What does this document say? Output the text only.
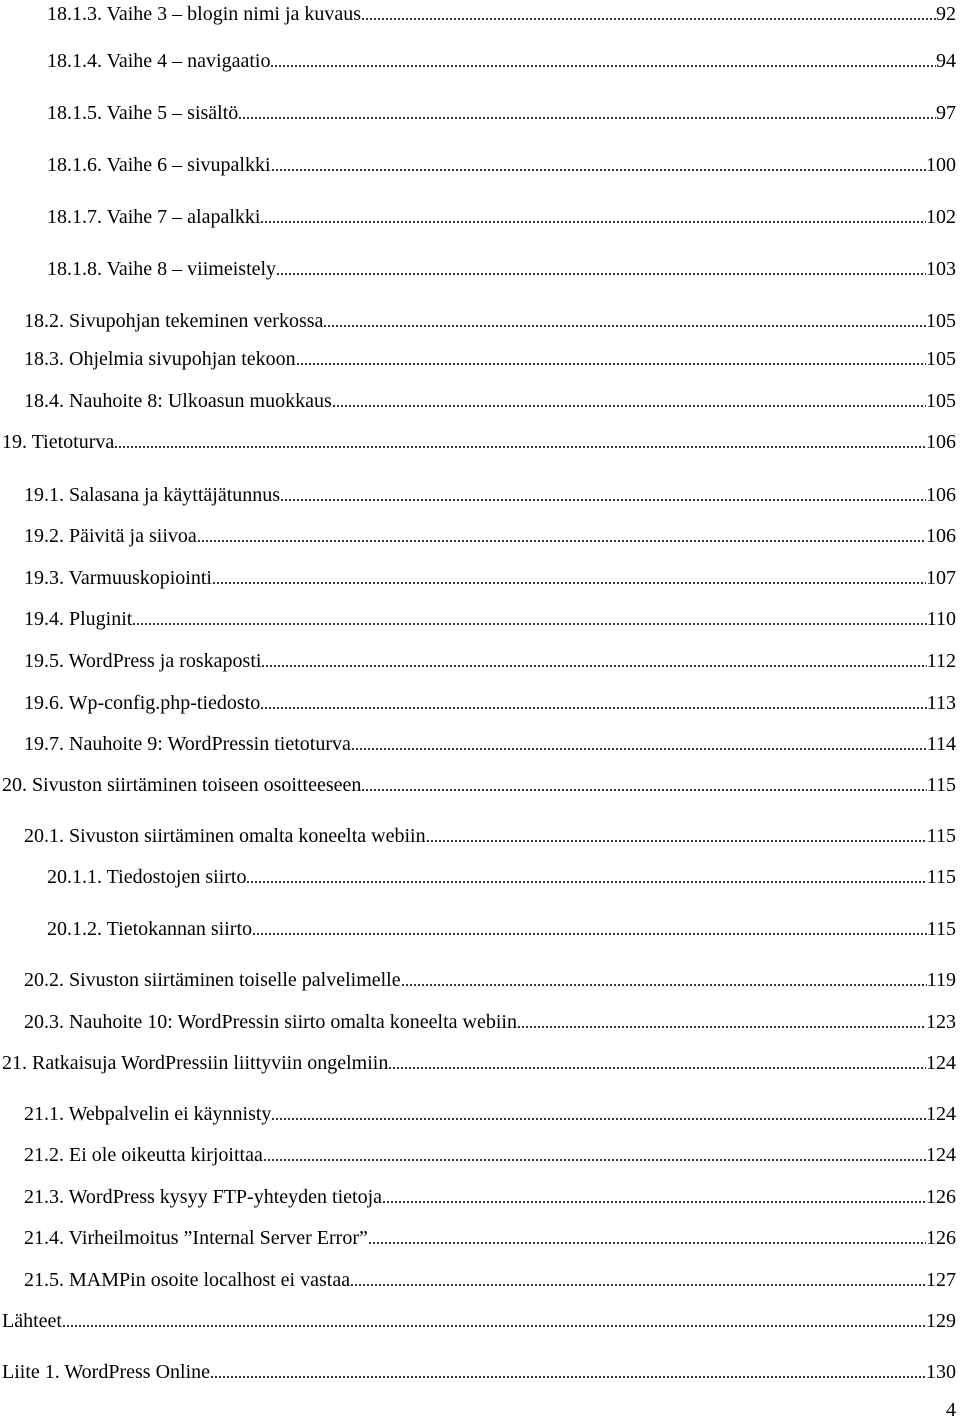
18.1.3. Vaihe 3 – blogin nimi ja kuvaus	92
18.1.4. Vaihe 4 – navigaatio	94
18.1.5. Vaihe 5 – sisältö	97
18.1.6. Vaihe 6 – sivupalkki	100
18.1.7. Vaihe 7 – alapalkki	102
18.1.8. Vaihe 8 – viimeistely	103
18.2. Sivupohjan tekeminen verkossa	105
18.3. Ohjelmia sivupohjan tekoon	105
18.4. Nauhoite 8: Ulkoasun muokkaus	105
19. Tietoturva	106
19.1. Salasana ja käyttäjätunnus	106
19.2. Päivitä ja siivoa	106
19.3. Varmuuskopiointi	107
19.4. Pluginit	110
19.5. WordPress ja roskaposti	112
19.6. Wp-config.php-tiedosto	113
19.7. Nauhoite 9: WordPressin tietoturva	114
20. Sivuston siirtäminen toiseen osoitteeseen	115
20.1. Sivuston siirtäminen omalta koneelta webiin	115
20.1.1. Tiedostojen siirto	115
20.1.2. Tietokannan siirto	115
20.2. Sivuston siirtäminen toiselle palvelimelle	119
20.3. Nauhoite 10: WordPressin siirto omalta koneelta webiin	123
21. Ratkaisuja WordPressiin liittyviin ongelmiin	124
21.1. Webpalvelin ei käynnisty	124
21.2. Ei ole oikeutta kirjoittaa	124
21.3. WordPress kysyy FTP-yhteyden tietoja	126
21.4. Virheilmoitus ”Internal Server Error”	126
21.5. MAMPin osoite localhost ei vastaa	127
Lähteet	129
Liite 1. WordPress Online	130
4
